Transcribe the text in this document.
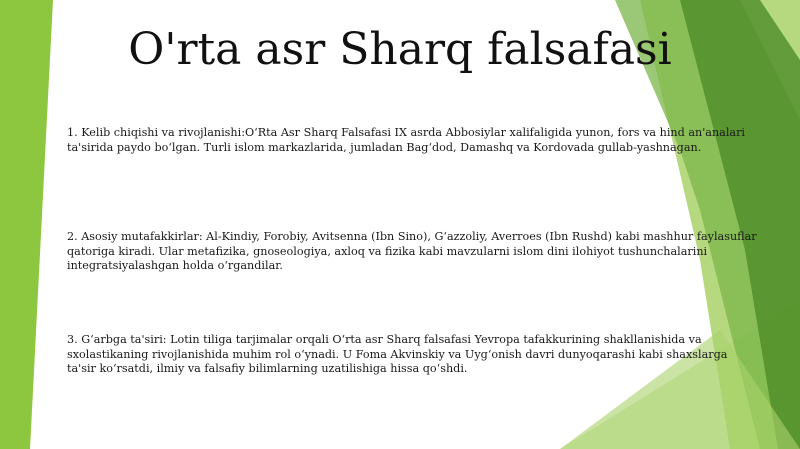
O'rta asr Sharq falsafasi

1. Kelib chiqishi va rivojlanishi:O‘Rta Asr Sharq Falsafasi IX asrda Abbosiylar xalifaligida yunon, fors va hind an'analari ta'sirida paydo bo‘lgan. Turli islom markazlarida, jumladan Bag‘dod, Damashq va Kordovada gullab-yashnagan.

2. Asosiy mutafakkirlar: Al-Kindiy, Forobiy, Avitsenna (Ibn Sino), G‘azzoliy, Averroes (Ibn Rushd) kabi mashhur faylasuflar qatoriga kiradi. Ular metafizika, gnoseologiya, axloq va fizika kabi mavzularni islom dini ilohiyot tushunchalarini integratsiyalashgan holda o‘rgandilar.

3. G‘arbga ta'siri: Lotin tiliga tarjimalar orqali O‘rta asr Sharq falsafasi Yevropa tafakkurining shakllanishida va sxolastikaning rivojlanishida muhim rol o‘ynadi. U Foma Akvinskiy va Uyg‘onish davri dunyoqarashi kabi shaxslarga ta'sir ko‘rsatdi, ilmiy va falsafiy bilimlarning uzatilishiga hissa qo‘shdi.
